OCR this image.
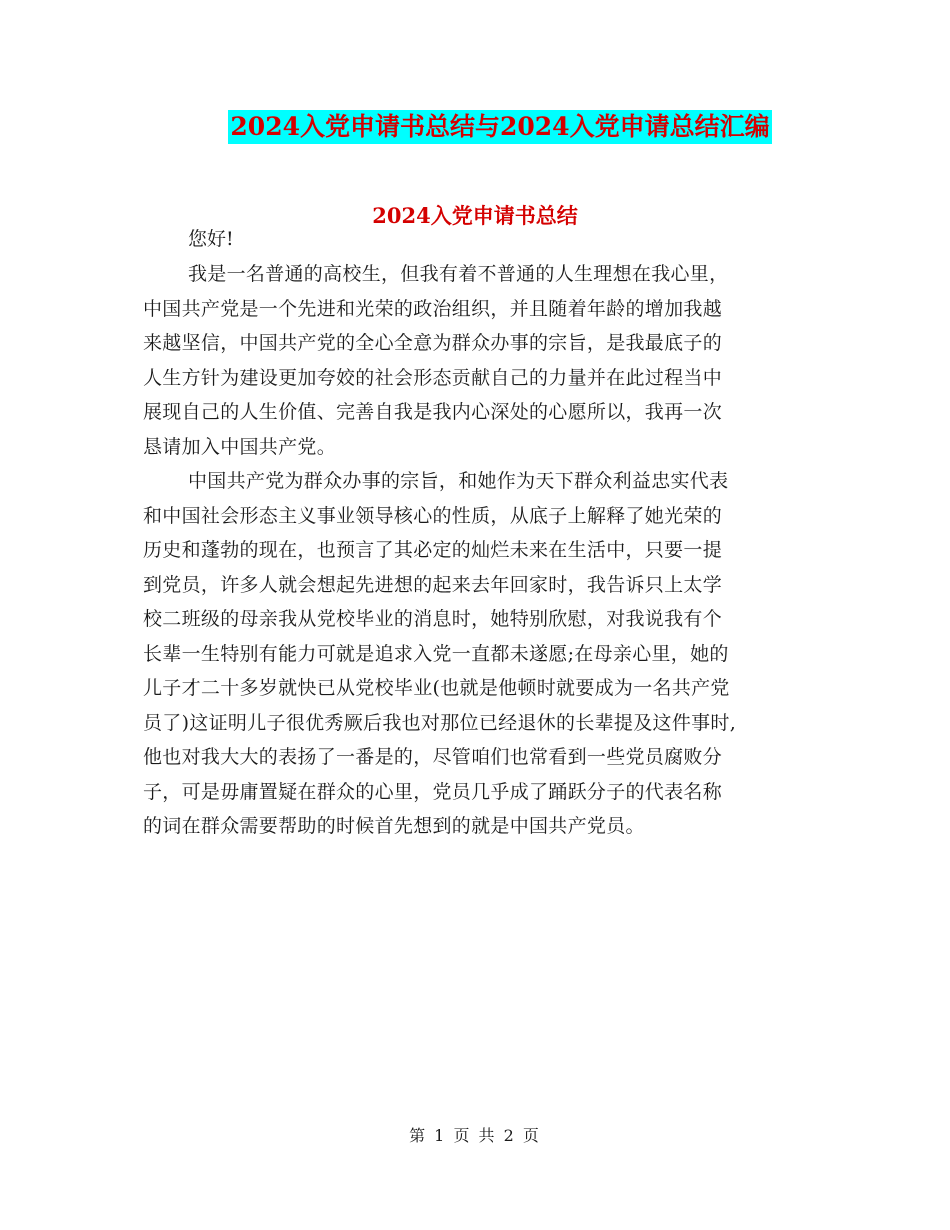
2024入党申请书总结与2024入党申请总结汇编
2024入党申请书总结
您好!

我是一名普通的高校生，但我有着不普通的人生理想在我心里，
中国共产党是一个先进和光荣的政治组织，并且随着年龄的增加我越
来越坚信，中国共产党的全心全意为群众办事的宗旨，是我最底子的
人生方针为建设更加夸姣的社会形态贡献自己的力量并在此过程当中
展现自己的人生价值、完善自我是我内心深处的心愿所以，我再一次
恳请加入中国共产党。

中国共产党为群众办事的宗旨，和她作为天下群众利益忠实代表
和中国社会形态主义事业领导核心的性质，从底子上解释了她光荣的
历史和蓬勃的现在，也预言了其必定的灿烂未来在生活中，只要一提
到党员，许多人就会想起先进想的起来去年回家时，我告诉只上太学
校二班级的母亲我从党校毕业的消息时，她特别欣慰，对我说我有个
长辈一生特别有能力可就是追求入党一直都未遂愿;在母亲心里，她的
儿子才二十多岁就快已从党校毕业(也就是他顿时就要成为一名共产党
员了)这证明儿子很优秀厥后我也对那位已经退休的长辈提及这件事时,
他也对我大大的表扬了一番是的，尽管咱们也常看到一些党员腐败分
子，可是毋庸置疑在群众的心里，党员几乎成了踊跃分子的代表名称
的词在群众需要帮助的时候首先想到的就是中国共产党员。

第 1 页 共 2 页
